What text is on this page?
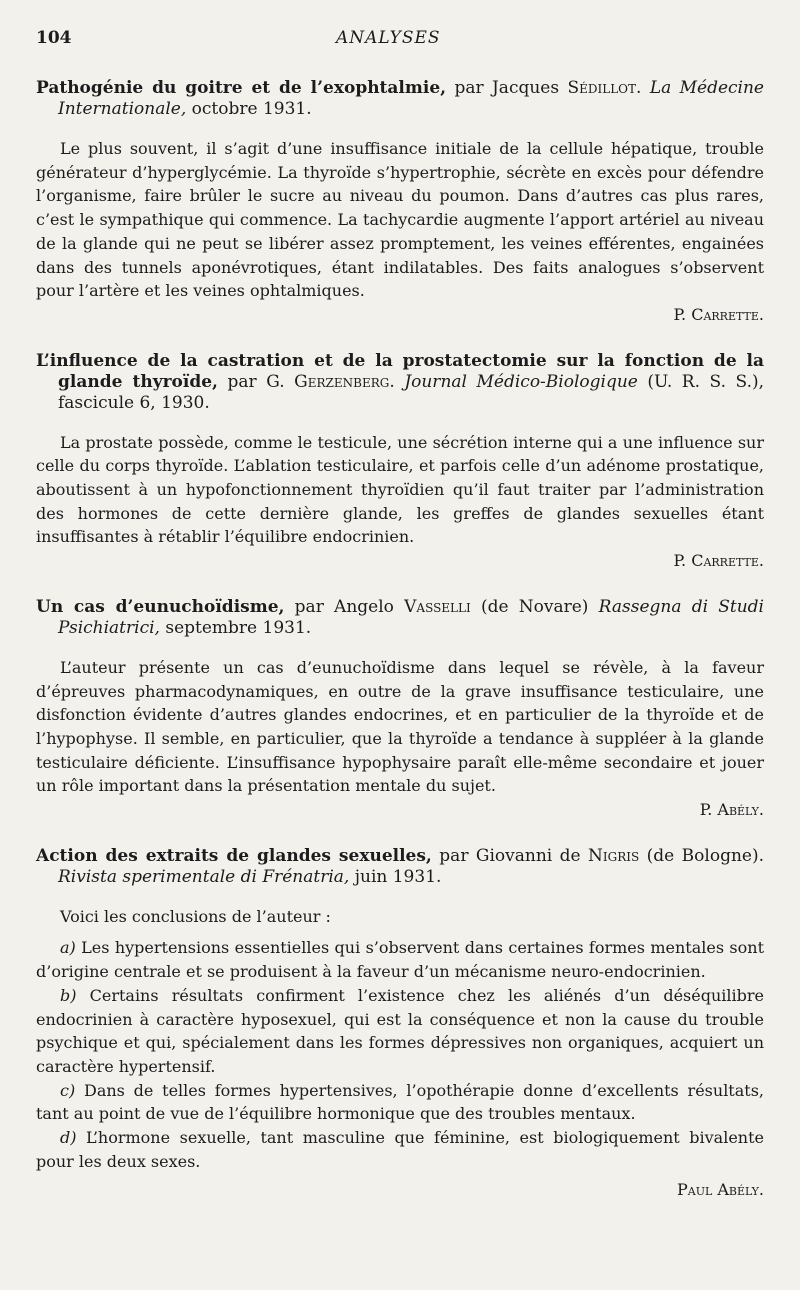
104	ANALYSES

Pathogénie du goitre et de l’exophtalmie, par Jacques Sédillot. La Médecine Internationale, octobre 1931.

Le plus souvent, il s’agit d’une insuffisance initiale de la cellule hépatique, trouble générateur d’hyperglycémie. La thyroïde s’hypertrophie, sécrète en excès pour défendre l’organisme, faire brûler le sucre au niveau du poumon. Dans d’autres cas plus rares, c’est le sympathique qui commence. La tachycardie augmente l’apport artériel au niveau de la glande qui ne peut se libérer assez promptement, les veines efférentes, engainées dans des tunnels aponévrotiques, étant indilatables. Des faits analogues s’observent pour l’artère et les veines ophtalmiques.

P. Carrette.

L’influence de la castration et de la prostatectomie sur la fonction de la glande thyroïde, par G. Gerzenberg. Journal Médico-Biologique (U. R. S. S.), fascicule 6, 1930.

La prostate possède, comme le testicule, une sécrétion interne qui a une influence sur celle du corps thyroïde. L’ablation testiculaire, et parfois celle d’un adénome prostatique, aboutissent à un hypofonctionnement thyroïdien qu’il faut traiter par l’administration des hormones de cette dernière glande, les greffes de glandes sexuelles étant insuffisantes à rétablir l’équilibre endocrinien.

P. Carrette.

Un cas d’eunuchoïdisme, par Angelo Vasselli (de Novare) Rassegna di Studi Psichiatrici, septembre 1931.

L’auteur présente un cas d’eunuchoïdisme dans lequel se révèle, à la faveur d’épreuves pharmacodynamiques, en outre de la grave insuffisance testiculaire, une disfonction évidente d’autres glandes endocrines, et en particulier de la thyroïde et de l’hypophyse. Il semble, en particulier, que la thyroïde a tendance à suppléer à la glande testiculaire déficiente. L’insuffisance hypophysaire paraît elle-même secondaire et jouer un rôle important dans la présentation mentale du sujet.

P. Abély.

Action des extraits de glandes sexuelles, par Giovanni de Nigris (de Bologne). Rivista sperimentale di Frénatria, juin 1931.

Voici les conclusions de l’auteur :

a) Les hypertensions essentielles qui s’observent dans certaines formes mentales sont d’origine centrale et se produisent à la faveur d’un mécanisme neuro-endocrinien.

b) Certains résultats confirment l’existence chez les aliénés d’un déséquilibre endocrinien à caractère hyposexuel, qui est la conséquence et non la cause du trouble psychique et qui, spécialement dans les formes dépressives non organiques, acquiert un caractère hypertensif.

c) Dans de telles formes hypertensives, l’opothérapie donne d’excellents résultats, tant au point de vue de l’équilibre hormonique que des troubles mentaux.

d) L’hormone sexuelle, tant masculine que féminine, est biologiquement bivalente pour les deux sexes.

Paul Abély.
